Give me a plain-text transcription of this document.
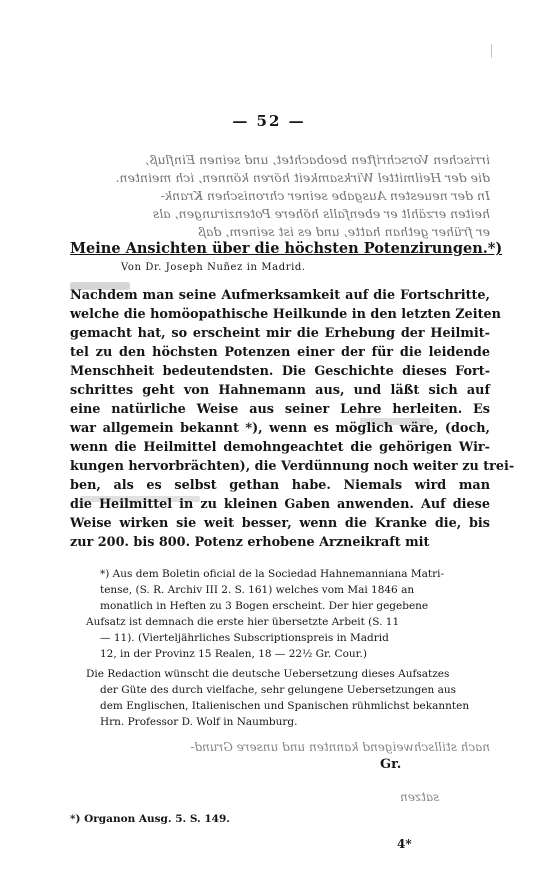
— 52 —
irrischen Vorschriften beobachtet, und seinen Einfluß,
die der Heilmittel Wirksamkeit hören können, ich meinten.
In der neuesten Ausgabe seiner chronischen Krank-
heiten erzählt er ebenfalls höhere Potenzirungen, als
er früher gethan hatte, und es ist seinem, daß
Meine Ansichten über die höchsten Potenzirungen.*)
Von Dr. Joseph Nuñez in Madrid.
Nachdem man seine Aufmerksamkeit auf die Fortschritte,
welche die homöopathische Heilkunde in den letzten Zeiten
gemacht hat, so erscheint mir die Erhebung der Heilmit-
tel zu den höchsten Potenzen einer der für die leidende
Menschheit bedeutendsten. Die Geschichte dieses Fort-
schrittes geht von Hahnemann aus, und läßt sich auf
eine natürliche Weise aus seiner Lehre herleiten. Es
war allgemein bekannt *), wenn es möglich wäre, (doch,
wenn die Heilmittel demohngeachtet die gehörigen Wir-
kungen hervorbrächten), die Verdünnung noch weiter zu trei-
ben, als es selbst gethan habe. Niemals wird man
die Heilmittel in zu kleinen Gaben anwenden. Auf diese
Weise wirken sie weit besser, wenn die Kranke die, bis
zur 200. bis 800. Potenz erhobene Arzneikraft mit
*) Aus dem Boletin oficial de la Sociedad Hahnemanniana Matri-
tense, (S. R. Archiv III 2. S. 161) welches vom Mai 1846 an
monatlich in Heften zu 3 Bogen erscheint. Der hier gegebene
Aufsatz ist demnach die erste hier übersetzte Arbeit (S. 11
— 11). (Vierteljährliches Subscriptionspreis in Madrid
12, in der Provinz 15 Realen, 18 — 22½ Gr. Cour.)
Die Redaction wünscht die deutsche Uebersetzung dieses Aufsatzes
der Güte des durch vielfache, sehr gelungene Uebersetzungen aus
dem Englischen, Italienischen und Spanischen rühmlichst bekannten
Hrn. Professor D. Wolf in Naumburg.
nach stillschweigend kannten und unsere Grund-
satzen
Gr.
*) Organon Ausg. 5. S. 149.
4*
